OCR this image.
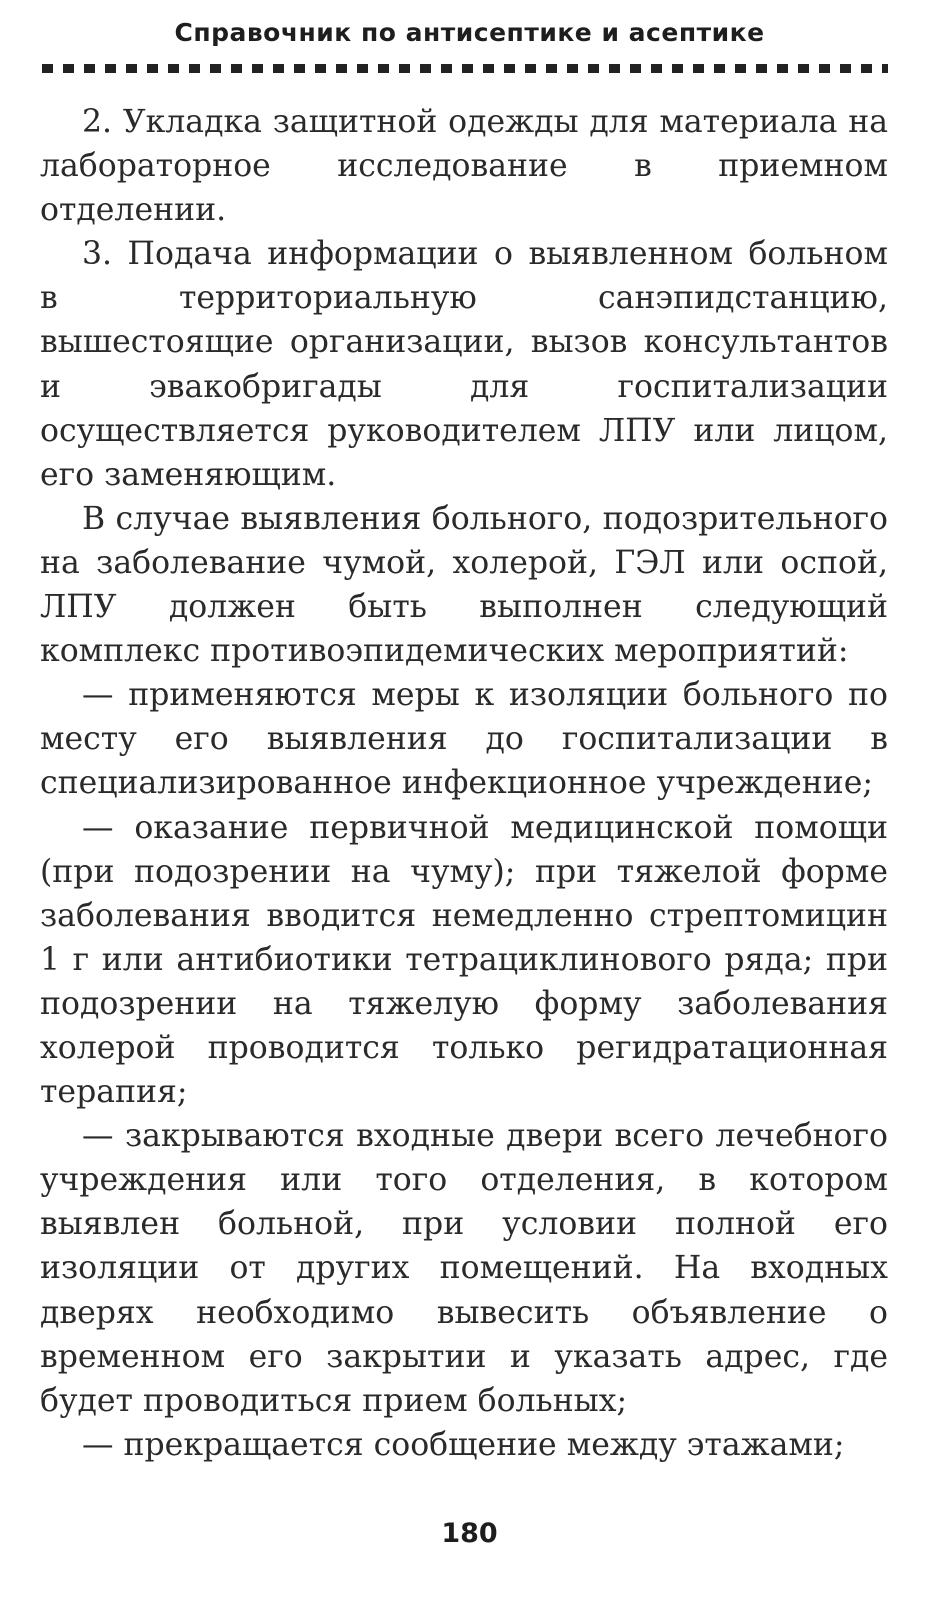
Справочник по антисептике и асептике

2. Укладка защитной одежды для материала на лабораторное исследование в приемном отделении.

3. Подача информации о выявленном больном в территориальную санэпидстанцию, вышестоящие организации, вызов консультантов и эвакобригады для госпитализации осуществляется руководителем ЛПУ или лицом, его заменяющим.

В случае выявления больного, подозрительного на заболевание чумой, холерой, ГЭЛ или оспой, ЛПУ должен быть выполнен следующий комплекс противоэпидемических мероприятий:

— применяются меры к изоляции больного по месту его выявления до госпитализации в специализированное инфекционное учреждение;

— оказание первичной медицинской помощи (при подозрении на чуму); при тяжелой форме заболевания вводится немедленно стрептомицин 1 г или антибиотики тетрациклинового ряда; при подозрении на тяжелую форму заболевания холерой проводится только регидратационная терапия;

— закрываются входные двери всего лечебного учреждения или того отделения, в котором выявлен больной, при условии полной его изоляции от других помещений. На входных дверях необходимо вывесить объявление о временном его закрытии и указать адрес, где будет проводиться прием больных;

— прекращается сообщение между этажами;

180
